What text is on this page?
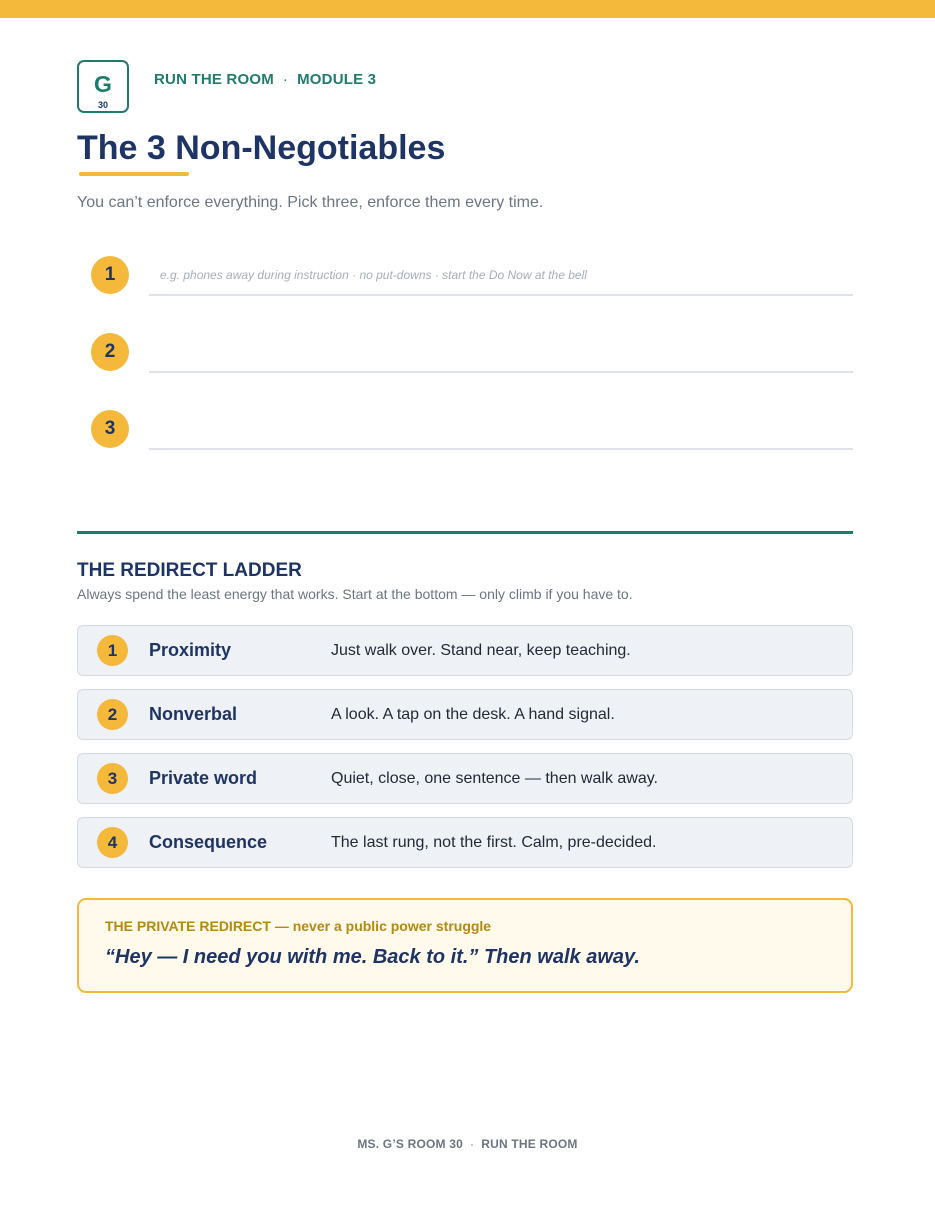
G
30
RUN THE ROOM · MODULE 3
The 3 Non-Negotiables
You can’t enforce everything. Pick three, enforce them every time.
1	e.g. phones away during instruction · no put-downs · start the Do Now at the bell
2
3
THE REDIRECT LADDER
Always spend the least energy that works. Start at the bottom — only climb if you have to.
1	Proximity	Just walk over. Stand near, keep teaching.
2	Nonverbal	A look. A tap on the desk. A hand signal.
3	Private word	Quiet, close, one sentence — then walk away.
4	Consequence	The last rung, not the first. Calm, pre-decided.
THE PRIVATE REDIRECT — never a public power struggle
“Hey — I need you with me. Back to it.” Then walk away.
MS. G’S ROOM 30 · RUN THE ROOM
